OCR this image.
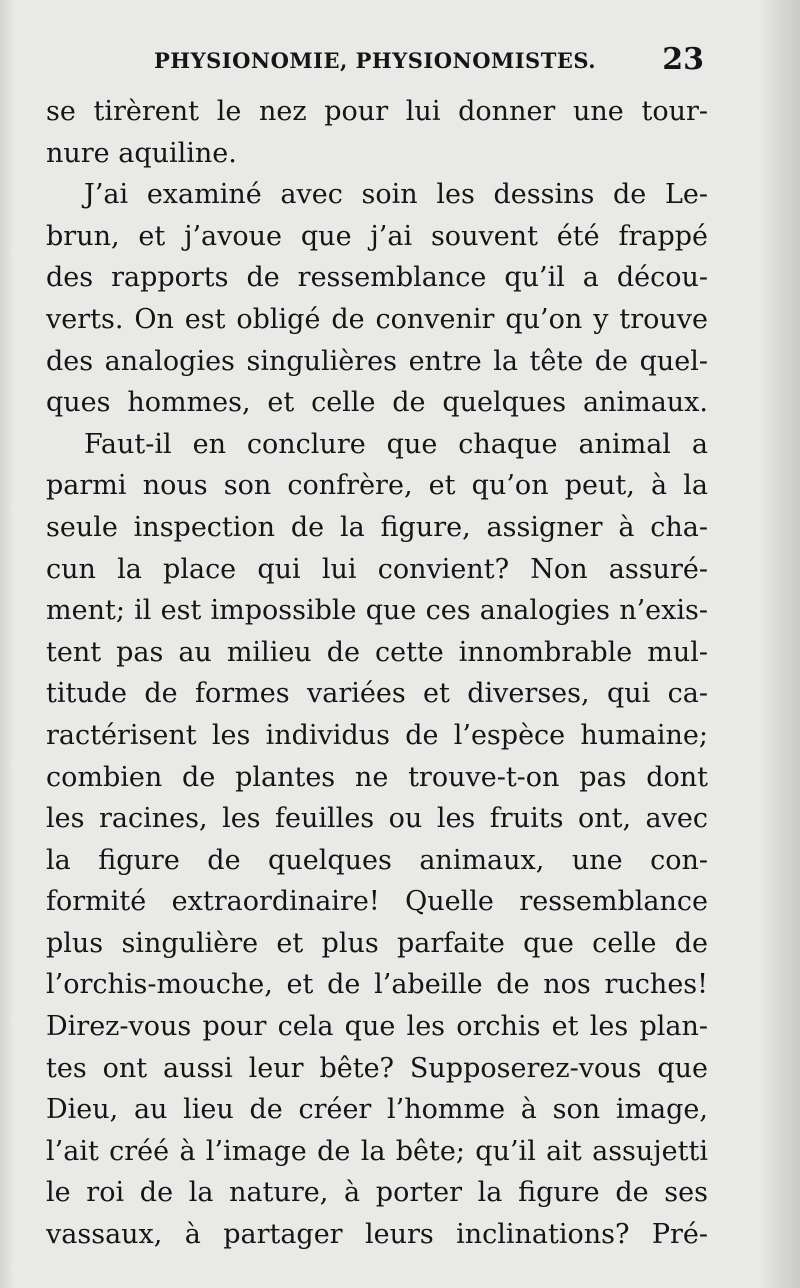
PHYSIONOMIE, PHYSIONOMISTES. 23
se tirèrent le nez pour lui donner une tour-
nure aquiline.
J’ai examiné avec soin les dessins de Le-
brun, et j’avoue que j’ai souvent été frappé
des rapports de ressemblance qu’il a décou-
verts. On est obligé de convenir qu’on y trouve
des analogies singulières entre la tête de quel-
ques hommes, et celle de quelques animaux.
Faut-il en conclure que chaque animal a
parmi nous son confrère, et qu’on peut, à la
seule inspection de la figure, assigner à cha-
cun la place qui lui convient? Non assuré-
ment; il est impossible que ces analogies n’exis-
tent pas au milieu de cette innombrable mul-
titude de formes variées et diverses, qui ca-
ractérisent les individus de l’espèce humaine;
combien de plantes ne trouve-t-on pas dont
les racines, les feuilles ou les fruits ont, avec
la figure de quelques animaux, une con-
formité extraordinaire! Quelle ressemblance
plus singulière et plus parfaite que celle de
l’orchis-mouche, et de l’abeille de nos ruches!
Direz-vous pour cela que les orchis et les plan-
tes ont aussi leur bête? Supposerez-vous que
Dieu, au lieu de créer l’homme à son image,
l’ait créé à l’image de la bête; qu’il ait assujetti
le roi de la nature, à porter la figure de ses
vassaux, à partager leurs inclinations? Pré-
